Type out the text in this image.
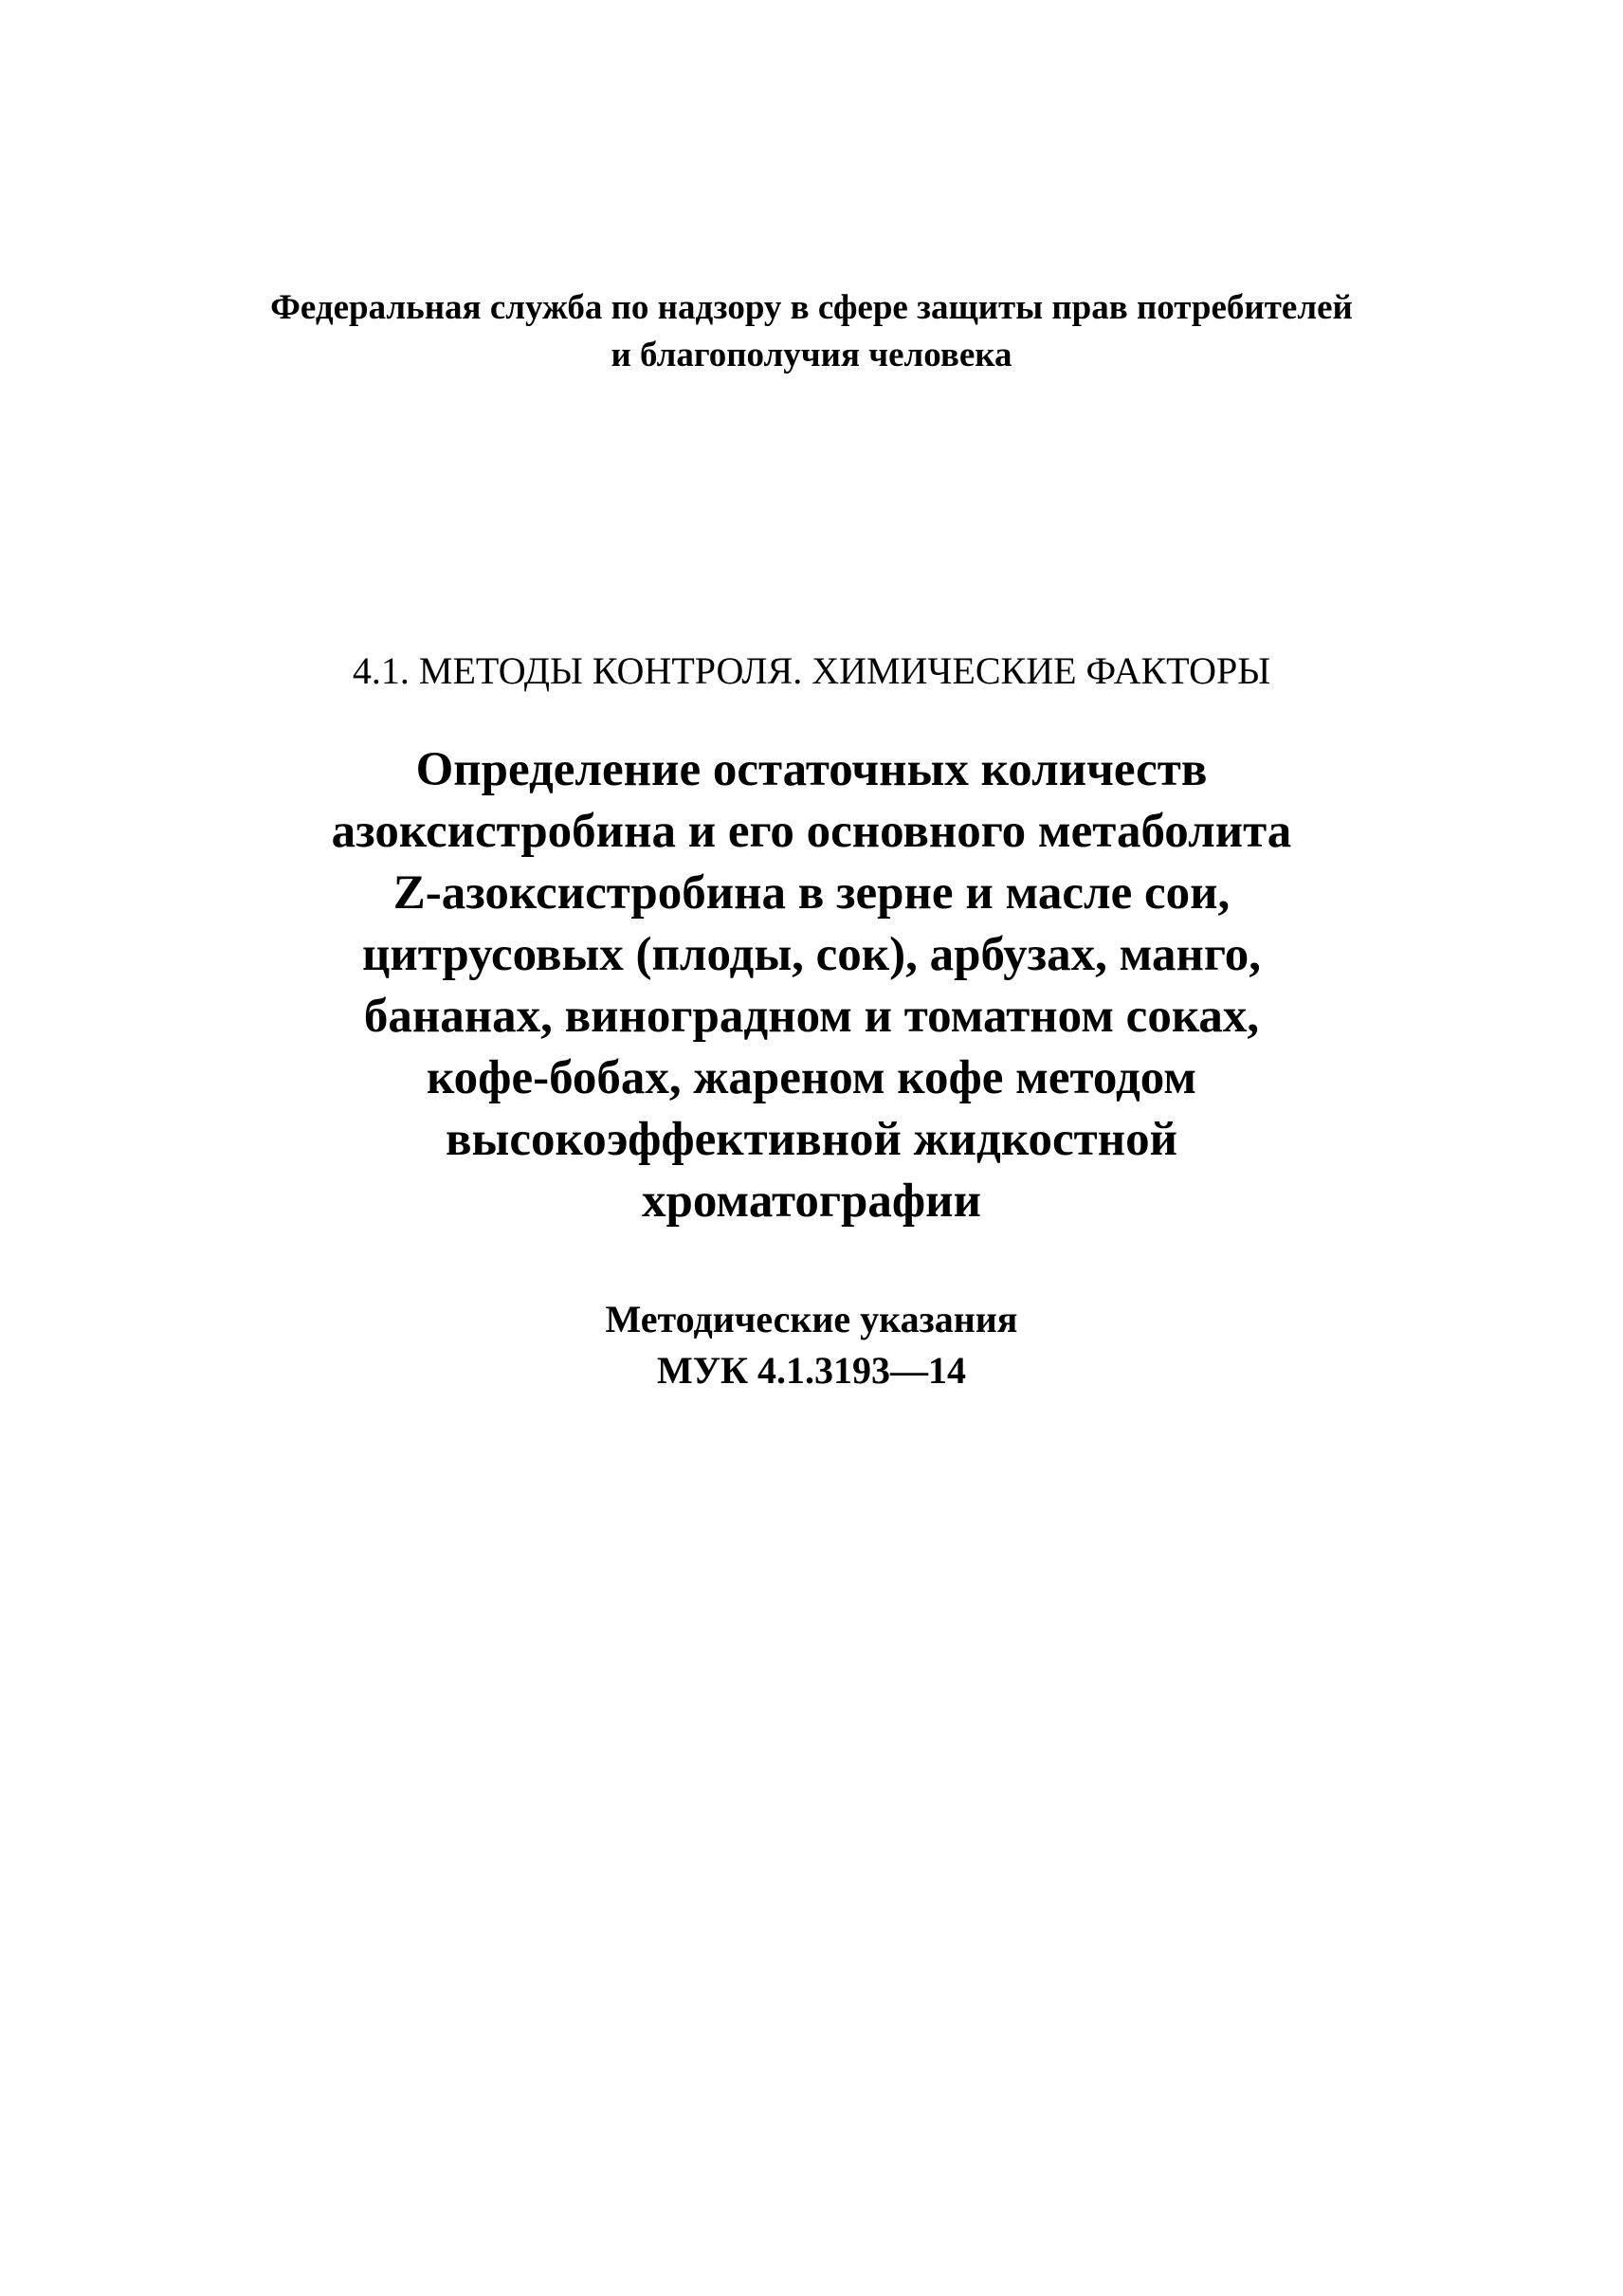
Федеральная служба по надзору в сфере защиты прав потребителей
и благополучия человека
4.1. МЕТОДЫ КОНТРОЛЯ. ХИМИЧЕСКИЕ ФАКТОРЫ
Определение остаточных количеств
азоксистробина и его основного метаболита
Z-азоксистробина в зерне и масле сои,
цитрусовых (плоды, сок), арбузах, манго,
бананах, виноградном и томатном соках,
кофе-бобах, жареном кофе методом
высокоэффективной жидкостной
хроматографии
Методические указания
МУК 4.1.3193—14
